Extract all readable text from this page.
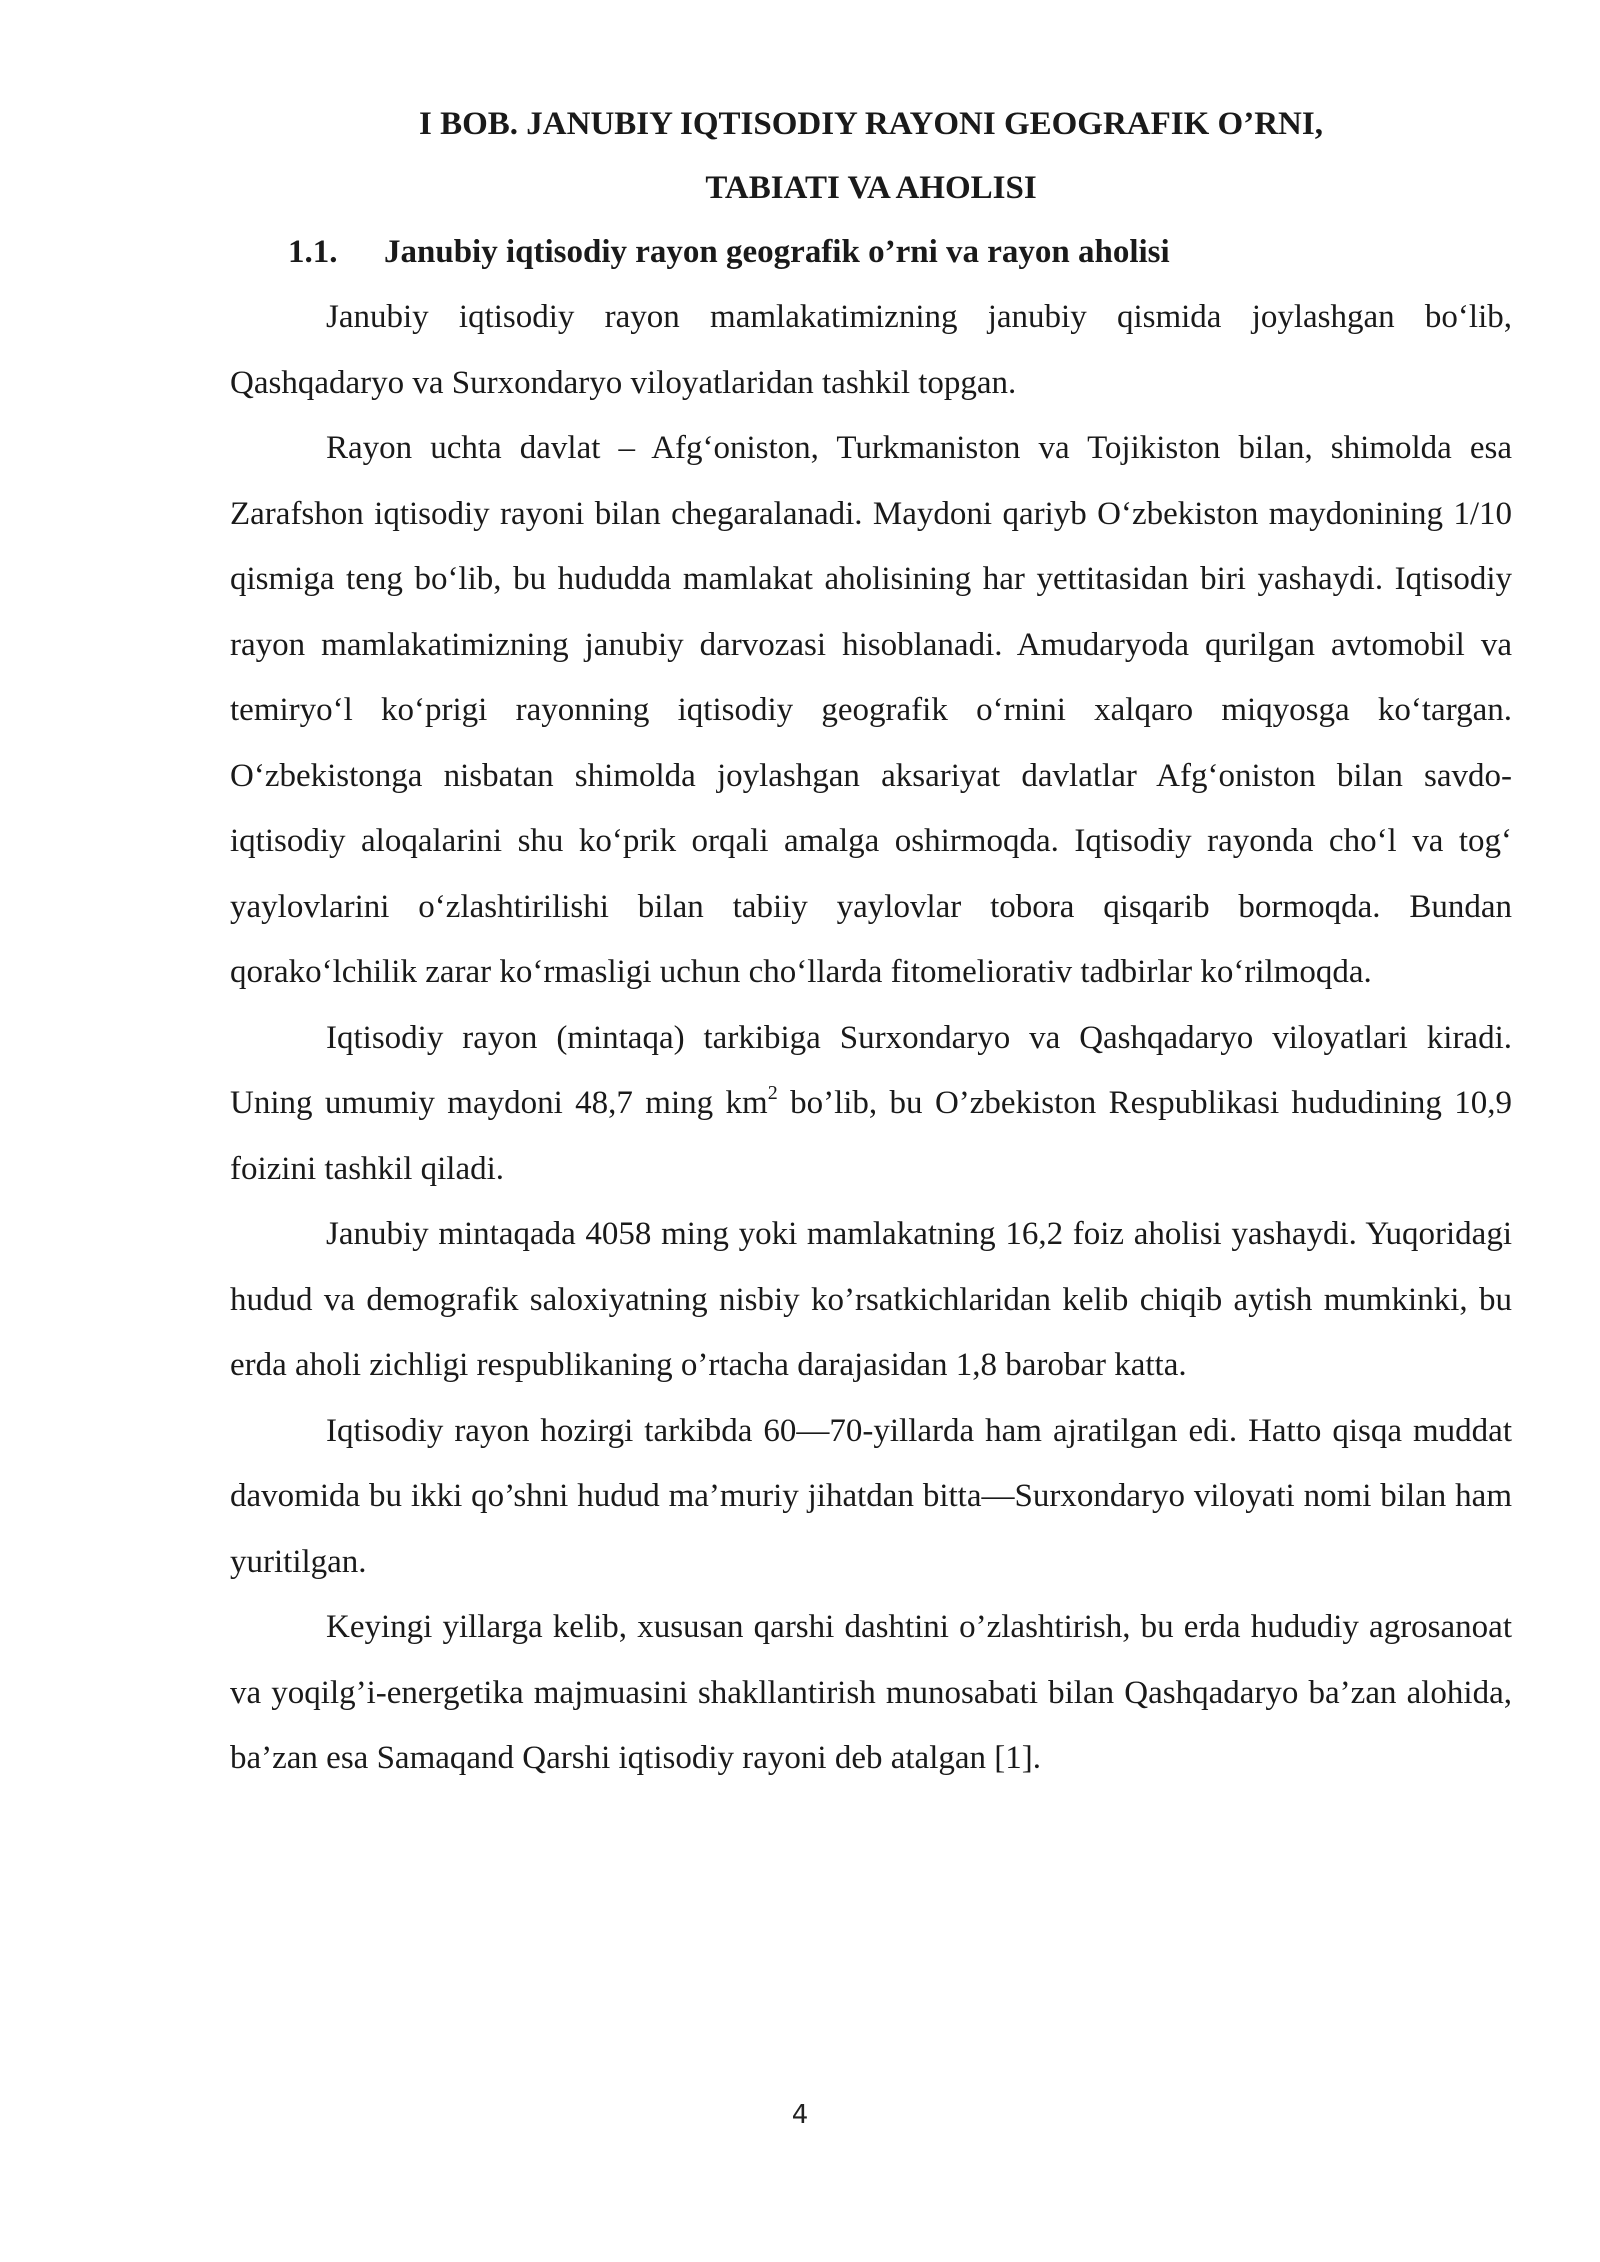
I BOB. JANUBIY IQTISODIY RAYONI GEOGRAFIK O’RNI,

TABIATI VA AHOLISI

1.1. Janubiy iqtisodiy rayon geografik o’rni va rayon aholisi

Janubiy iqtisodiy rayon mamlakatimizning janubiy qismida joylashgan bo‘lib, Qashqadaryo va Surxondaryo viloyatlaridan tashkil topgan.

Rayon uchta davlat – Afg‘oniston, Turkmaniston va Tojikiston bilan, shimolda esa Zarafshon iqtisodiy rayoni bilan chegaralanadi. Maydoni qariyb O‘zbekiston maydonining 1/10 qismiga teng bo‘lib, bu hududda mamlakat aholisining har yettitasidan biri yashaydi. Iqtisodiy rayon mamlakatimizning janubiy darvozasi hisoblanadi. Amudaryoda qurilgan avtomobil va temiryo‘l ko‘prigi rayonning iqtisodiy geografik o‘rnini xalqaro miqyosga ko‘targan. O‘zbekistonga nisbatan shimolda joylashgan aksariyat davlatlar Afg‘oniston bilan savdo-iqtisodiy aloqalarini shu ko‘prik orqali amalga oshirmoqda. Iqtisodiy rayonda cho‘l va tog‘ yaylovlarini o‘zlashtirilishi bilan tabiiy yaylovlar tobora qisqarib bormoqda. Bundan qorako‘lchilik zarar ko‘rmasligi uchun cho‘llarda fitomeliorativ tadbirlar ko‘rilmoqda.

Iqtisodiy rayon (mintaqa) tarkibiga Surxondaryo va Qashqadaryo viloyatlari kiradi. Uning umumiy maydoni 48,7 ming $km^2$ bo’lib, bu O’zbekiston Respublikasi hududining 10,9 foizini tashkil qiladi.

Janubiy mintaqada 4058 ming yoki mamlakatning 16,2 foiz aholisi yashaydi. Yuqoridagi hudud va demografik saloxiyatning nisbiy ko’rsatkichlaridan kelib chiqib aytish mumkinki, bu erda aholi zichligi respublikaning o’rtacha darajasidan 1,8 barobar katta.

Iqtisodiy rayon hozirgi tarkibda 60—70-yillarda ham ajratilgan edi. Hatto qisqa muddat davomida bu ikki qo’shni hudud ma’muriy jihatdan bitta—Surxondaryo viloyati nomi bilan ham yuritilgan.

Keyingi yillarga kelib, xususan qarshi dashtini o’zlashtirish, bu erda hududiy agrosanoat va yoqilg’i-energetika majmuasini shakllantirish munosabati bilan Qashqadaryo ba’zan alohida, ba’zan esa Samaqand Qarshi iqtisodiy rayoni deb atalgan [1].

4
